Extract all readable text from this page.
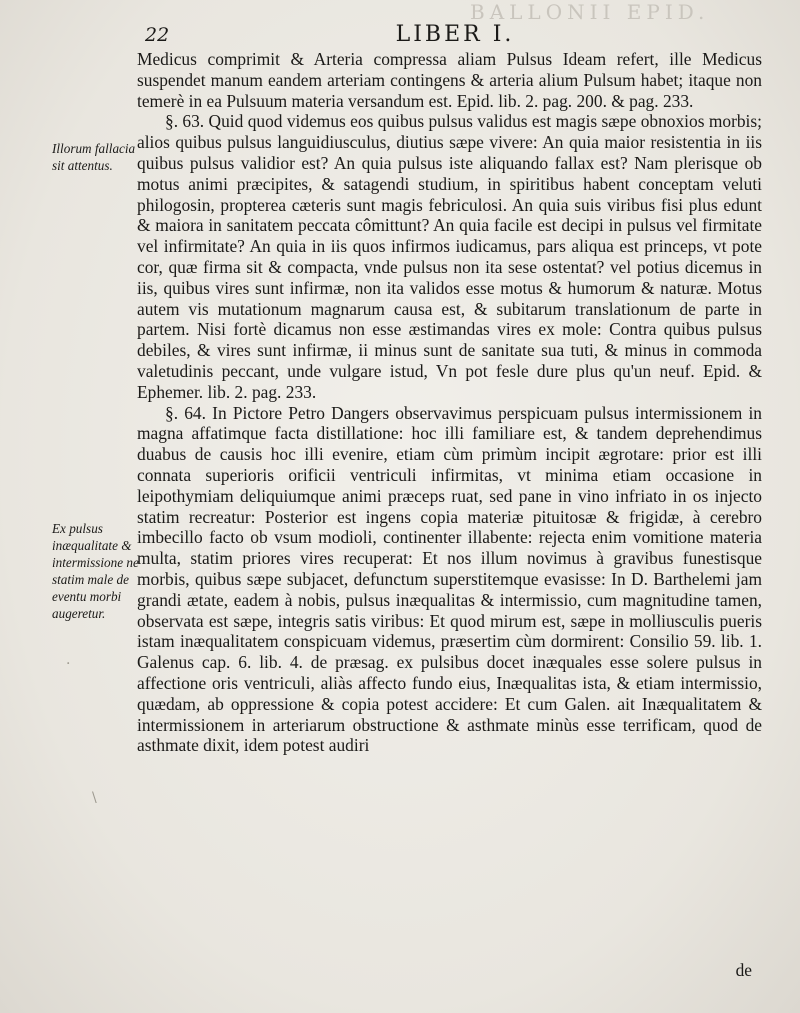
BALLONII EPID.
22	LIBER I.
Illorum fallacia sit attentus.
Ex pulsus inæqualitate & intermissione ne statim male de eventu morbi augeretur.

Medicus comprimit & Arteria compressa aliam Pulsus Ideam refert, ille Medicus suspendet manum eandem arteriam contingens & arteria alium Pulsum habet; itaque non temerè in ea Pulsuum materia versandum est. Epid. lib. 2. pag. 200. & pag. 233.

§. 63. Quid quod videmus eos quibus pulsus validus est magis sæpe obnoxios morbis; alios quibus pulsus languidiusculus, diutius sæpe vivere: An quia maior resistentia in iis quibus pulsus validior est? An quia pulsus iste aliquando fallax est? Nam plerisque ob motus animi præcipites, & satagendi studium, in spiritibus habent conceptam veluti philogosin, propterea cæteris sunt magis febriculosi. An quia suis viribus fisi plus edunt & maiora in sanitatem peccata cômittunt? An quia facile est decipi in pulsus vel firmitate vel infirmitate? An quia in iis quos infirmos iudicamus, pars aliqua est princeps, vt pote cor, quæ firma sit & compacta, vnde pulsus non ita sese ostentat? vel potius dicemus in iis, quibus vires sunt infirmæ, non ita validos esse motus & humorum & naturæ. Motus autem vis mutationum magnarum causa est, & subitarum translationum de parte in partem. Nisi fortè dicamus non esse æstimandas vires ex mole: Contra quibus pulsus debiles, & vires sunt infirmæ, ii minus sunt de sanitate sua tuti, & minus in commoda valetudinis peccant, unde vulgare istud, Vn pot fesle dure plus qu'un neuf. Epid. & Ephemer. lib. 2. pag. 233.

§. 64. In Pictore Petro Dangers observavimus perspicuam pulsus intermissionem in magna affatimque facta distillatione: hoc illi familiare est, & tandem deprehendimus duabus de causis hoc illi evenire, etiam cùm primùm incipit ægrotare: prior est illi connata superioris orificii ventriculi infirmitas, vt minima etiam occasione in leipothymiam deliquiumque animi præceps ruat, sed pane in vino infriato in os injecto statim recreatur: Posterior est ingens copia materiæ pituitosæ & frigidæ, à cerebro imbecillo facto ob vsum modioli, continenter illabente: rejecta enim vomitione materia multa, statim priores vires recuperat: Et nos illum novimus à gravibus funestisque morbis, quibus sæpe subjacet, defunctum superstitemque evasisse: In D. Barthelemi jam grandi ætate, eadem à nobis, pulsus inæqualitas & intermissio, cum magnitudine tamen, observata est sæpe, integris satis viribus: Et quod mirum est, sæpe in molliusculis pueris istam inæqualitatem conspicuam videmus, præsertim cùm dormirent: Consilio 59. lib. 1. Galenus cap. 6. lib. 4. de præsag. ex pulsibus docet inæquales esse solere pulsus in affectione oris ventriculi, aliàs affecto fundo eius, Inæqualitas ista, & etiam intermissio, quædam, ab oppressione & copia potest accidere: Et cum Galen. ait Inæqualitatem & intermissionem in arteriarum obstructione & asthmate minùs esse terrificam, quod de asthmate dixit, idem potest audiri

de
·
\
